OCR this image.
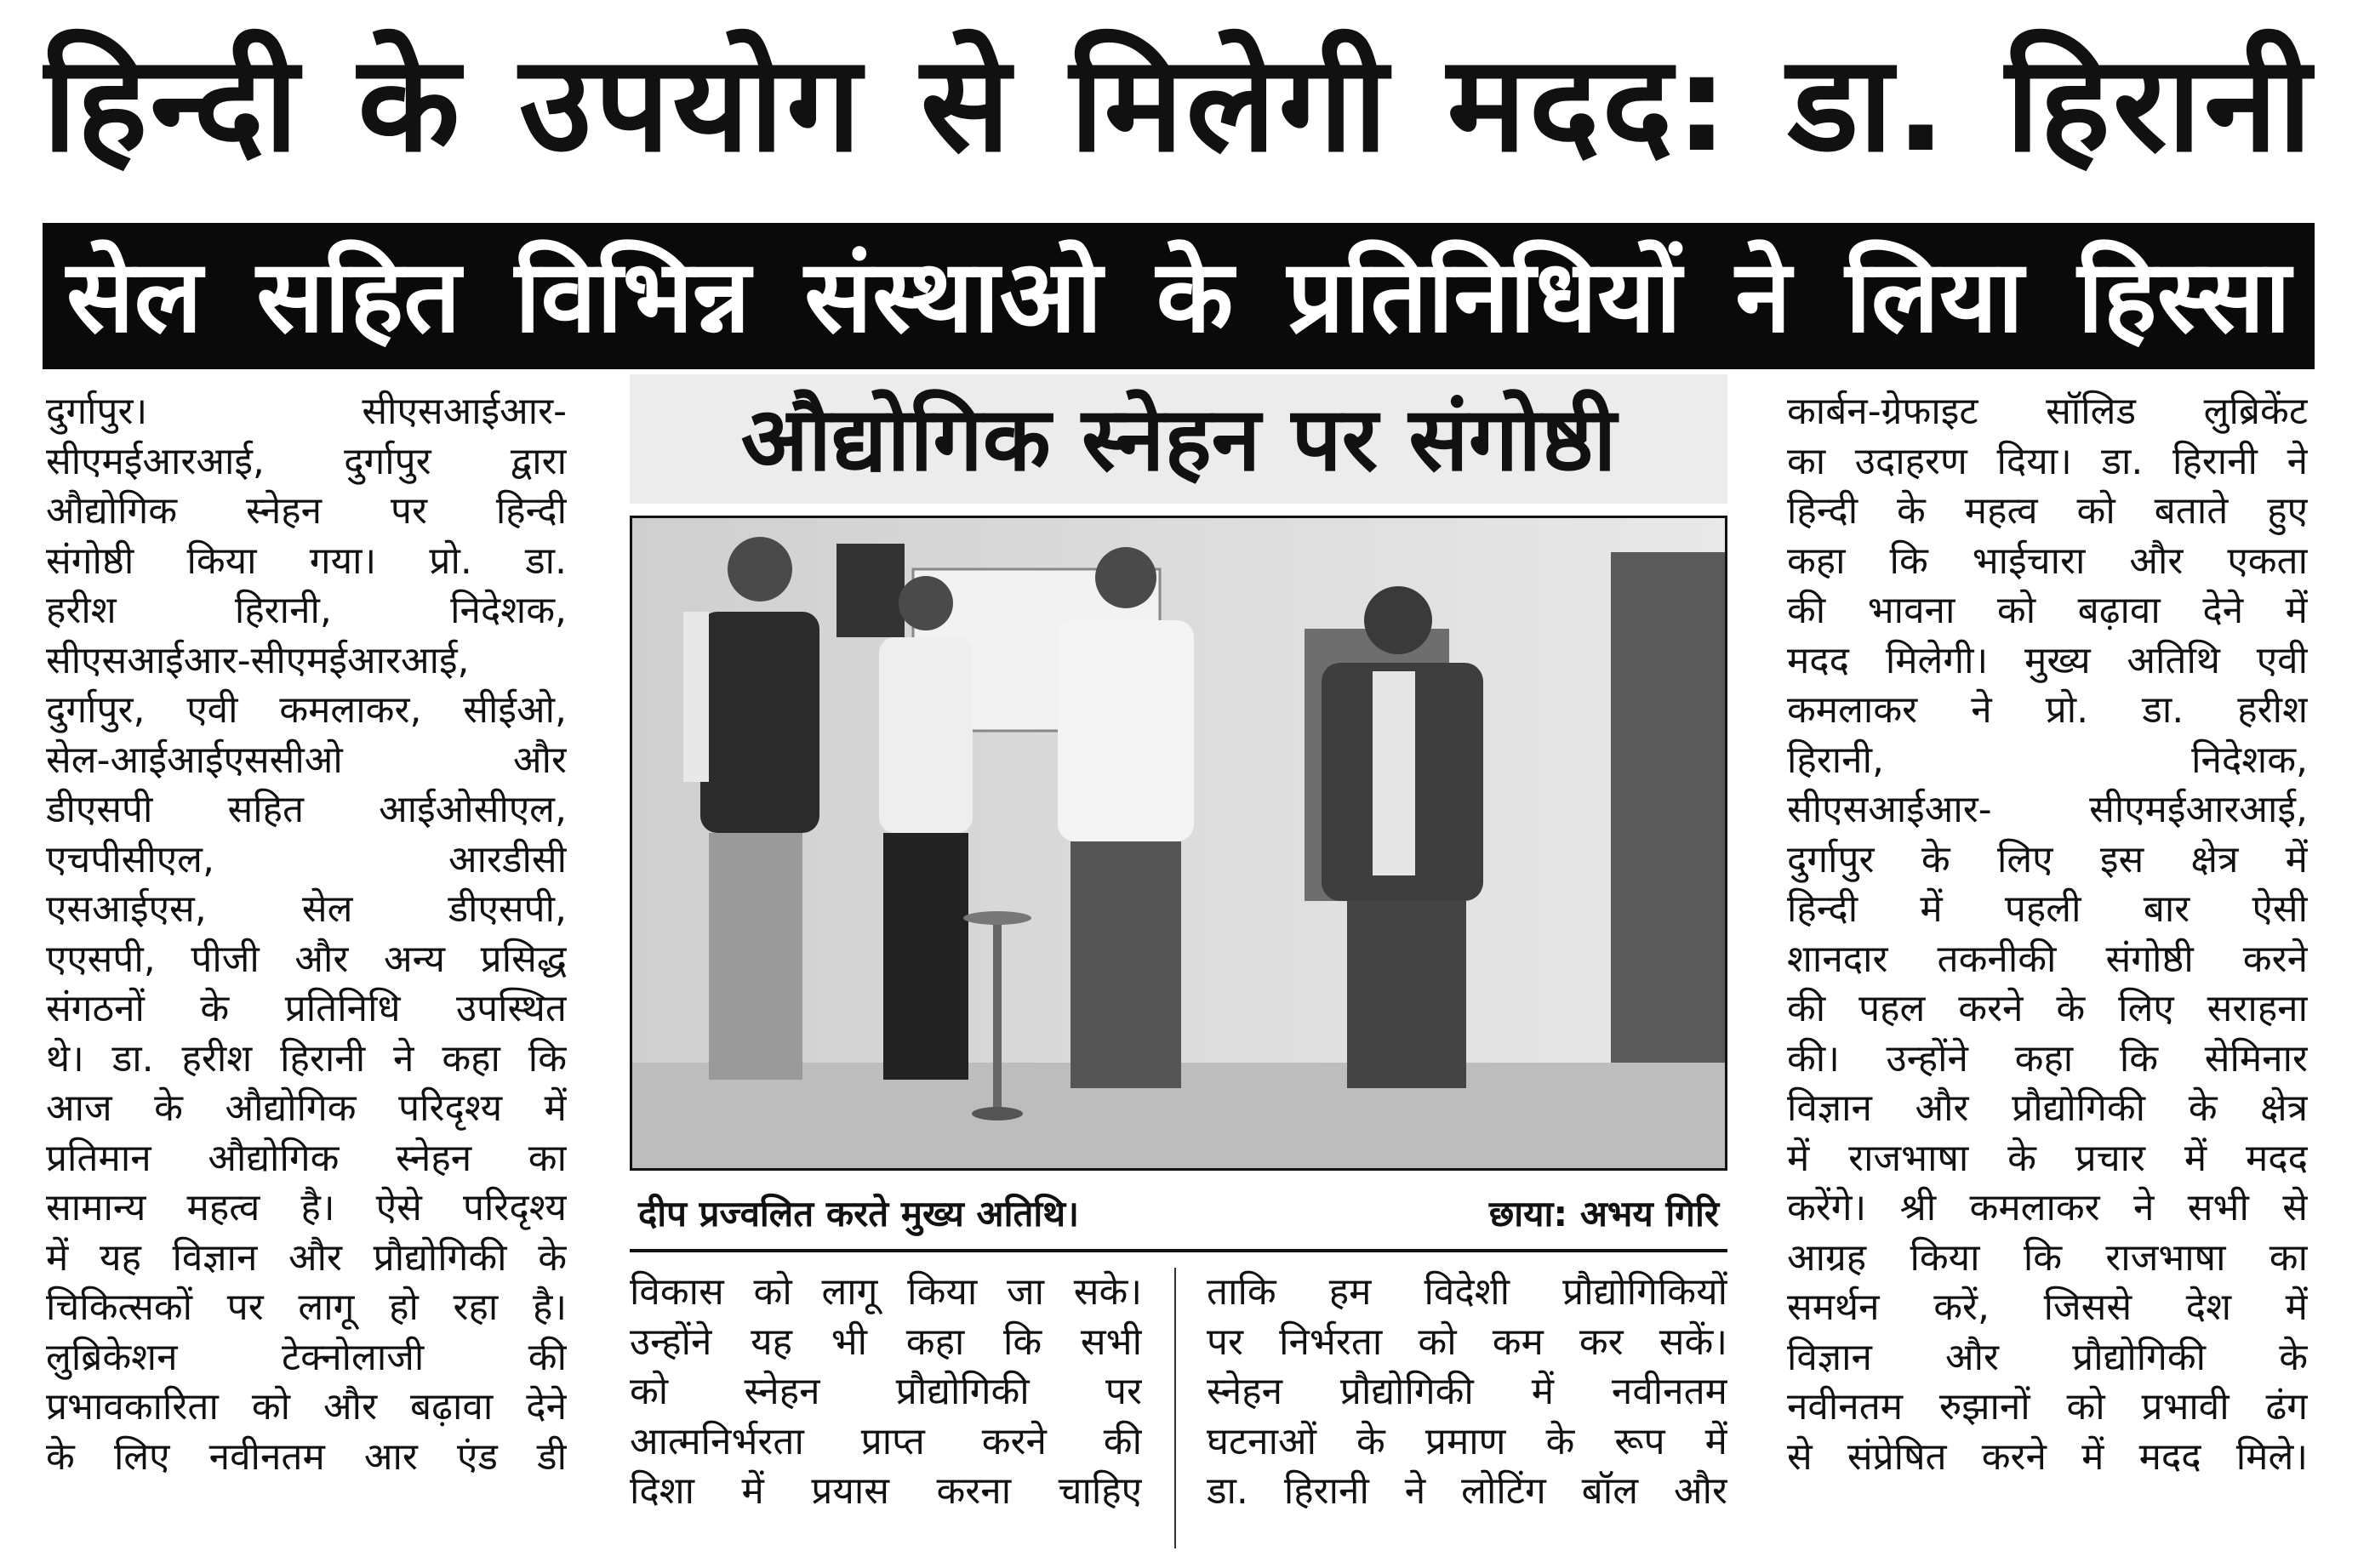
हिन्दी के उपयोग से मिलेगी मदद: डा. हिरानी
सेल सहित विभिन्न संस्थाओ के प्रतिनिधियों ने लिया हिस्सा
दुर्गापुर। सीएसआईआर-
सीएमईआरआई, दुर्गापुर द्वारा
औद्योगिक स्नेहन पर हिन्दी
संगोष्ठी किया गया। प्रो. डा.
हरीश हिरानी, निदेशक,
सीएसआईआर-सीएमईआरआई,
दुर्गापुर, एवी कमलाकर, सीईओ,
सेल-आईआईएससीओ और
डीएसपी सहित आईओसीएल,
एचपीसीएल, आरडीसी
एसआईएस, सेल डीएसपी,
एएसपी, पीजी और अन्य प्रसिद्ध
संगठनों के प्रतिनिधि उपस्थित
थे। डा. हरीश हिरानी ने कहा कि
आज के औद्योगिक परिदृश्य में
प्रतिमान औद्योगिक स्नेहन का
सामान्य महत्व है। ऐसे परिदृश्य
में यह विज्ञान और प्रौद्योगिकी के
चिकित्सकों पर लागू हो रहा है।
लुब्रिकेशन टेक्नोलाजी की
प्रभावकारिता को और बढ़ावा देने
के लिए नवीनतम आर एंड डी
औद्योगिक स्नेहन पर संगोष्ठी
दीप प्रज्वलित करते मुख्य अतिथि।	छाया: अभय गिरि
विकास को लागू किया जा सके।
उन्होंने यह भी कहा कि सभी
को स्नेहन प्रौद्योगिकी पर
आत्मनिर्भरता प्राप्त करने की
दिशा में प्रयास करना चाहिए
ताकि हम विदेशी प्रौद्योगिकियों
पर निर्भरता को कम कर सकें।
स्नेहन प्रौद्योगिकी में नवीनतम
घटनाओं के प्रमाण के रूप में
डा. हिरानी ने लोटिंग बॉल और
कार्बन-ग्रेफाइट सॉलिड लुब्रिकेंट
का उदाहरण दिया। डा. हिरानी ने
हिन्दी के महत्व को बताते हुए
कहा कि भाईचारा और एकता
की भावना को बढ़ावा देने में
मदद मिलेगी। मुख्य अतिथि एवी
कमलाकर ने प्रो. डा. हरीश
हिरानी, निदेशक,
सीएसआईआर- सीएमईआरआई,
दुर्गापुर के लिए इस क्षेत्र में
हिन्दी में पहली बार ऐसी
शानदार तकनीकी संगोष्ठी करने
की पहल करने के लिए सराहना
की। उन्होंने कहा कि सेमिनार
विज्ञान और प्रौद्योगिकी के क्षेत्र
में राजभाषा के प्रचार में मदद
करेंगे। श्री कमलाकर ने सभी से
आग्रह किया कि राजभाषा का
समर्थन करें, जिससे देश में
विज्ञान और प्रौद्योगिकी के
नवीनतम रुझानों को प्रभावी ढंग
से संप्रेषित करने में मदद मिले।
